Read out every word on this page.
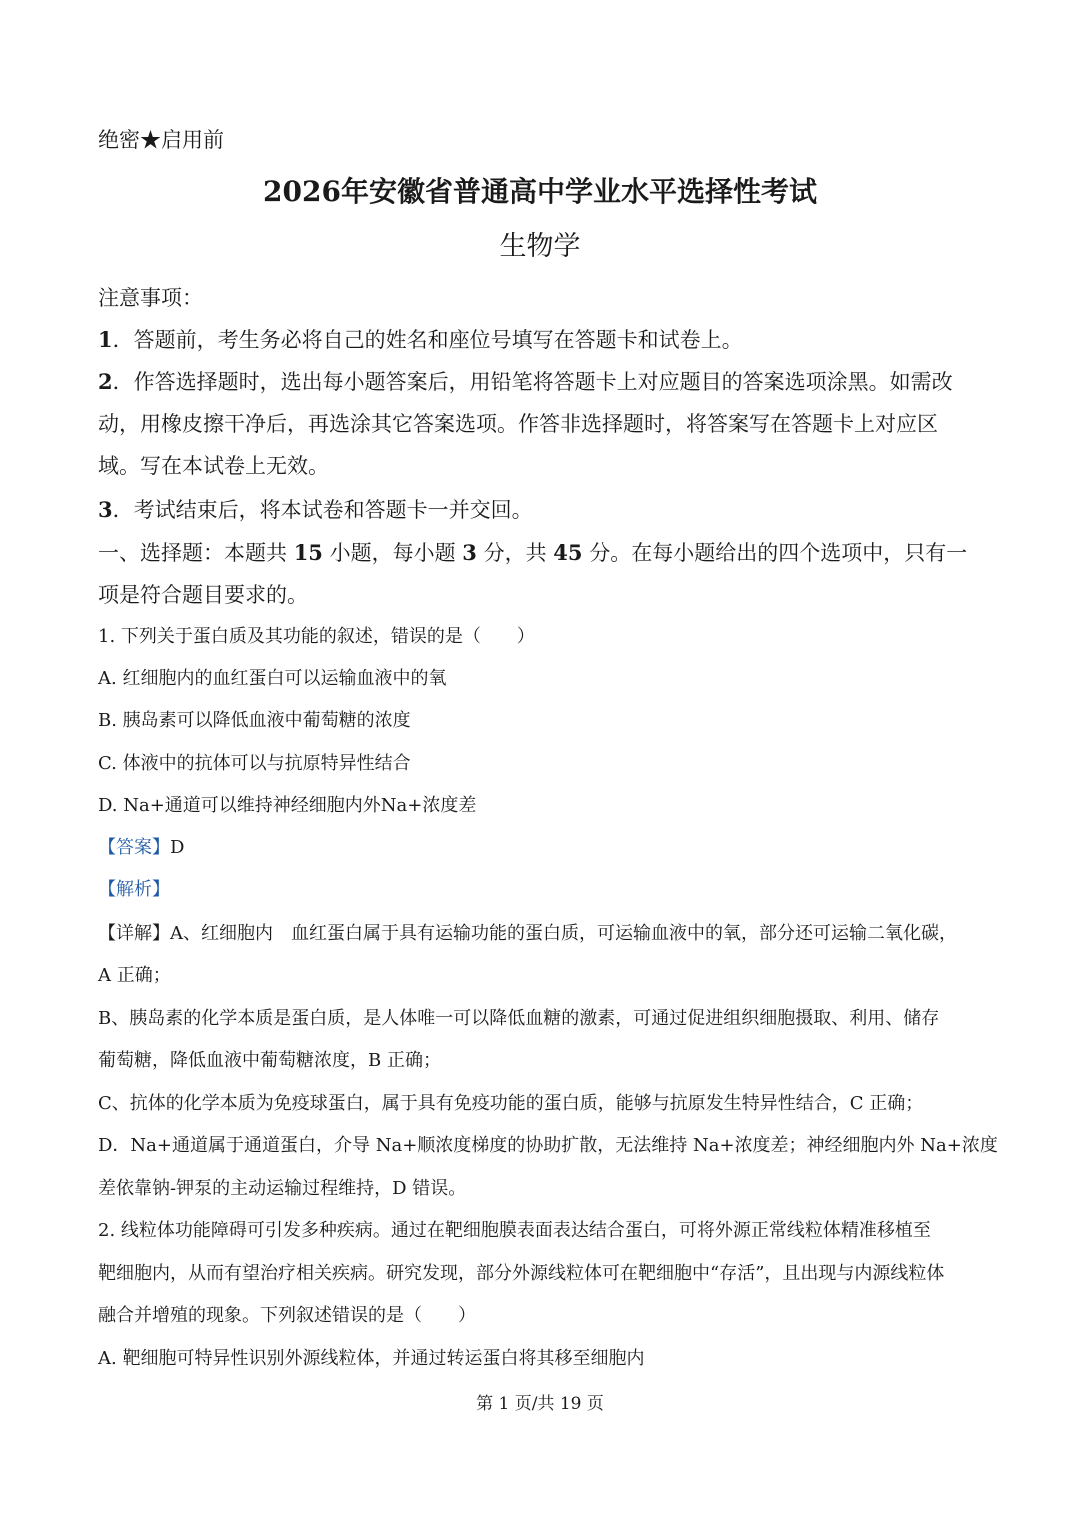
绝密★启用前
2026年安徽省普通高中学业水平选择性考试
生物学
注意事项：
1．答题前，考生务必将自己的姓名和座位号填写在答题卡和试卷上。
2．作答选择题时，选出每小题答案后，用铅笔将答题卡上对应题目的答案选项涂黑。如需改
动，用橡皮擦干净后，再选涂其它答案选项。作答非选择题时，将答案写在答题卡上对应区
域。写在本试卷上无效。
3．考试结束后，将本试卷和答题卡一并交回。
一、选择题：本题共 15 小题，每小题 3 分，共 45 分。在每小题给出的四个选项中，只有一
项是符合题目要求的。
1. 下列关于蛋白质及其功能的叙述，错误的是（　　）
A. 红细胞内的血红蛋白可以运输血液中的氧
B. 胰岛素可以降低血液中葡萄糖的浓度
C. 体液中的抗体可以与抗原特异性结合
D. Na+通道可以维持神经细胞内外Na+浓度差
【答案】D
【解析】
【详解】A、红细胞内　血红蛋白属于具有运输功能的蛋白质，可运输血液中的氧，部分还可运输二氧化碳，
A 正确；
B、胰岛素的化学本质是蛋白质，是人体唯一可以降低血糖的激素，可通过促进组织细胞摄取、利用、储存
葡萄糖，降低血液中葡萄糖浓度，B 正确；
C、抗体的化学本质为免疫球蛋白，属于具有免疫功能的蛋白质，能够与抗原发生特异性结合，C 正确；
D．Na+通道属于通道蛋白，介导 Na+顺浓度梯度的协助扩散，无法维持 Na+浓度差；神经细胞内外 Na+浓度
差依靠钠-钾泵的主动运输过程维持，D 错误。
2. 线粒体功能障碍可引发多种疾病。通过在靶细胞膜表面表达结合蛋白，可将外源正常线粒体精准移植至
靶细胞内，从而有望治疗相关疾病。研究发现，部分外源线粒体可在靶细胞中“存活”，且出现与内源线粒体
融合并增殖的现象。下列叙述错误的是（　　）
A. 靶细胞可特异性识别外源线粒体，并通过转运蛋白将其移至细胞内
第 1 页/共 19 页
